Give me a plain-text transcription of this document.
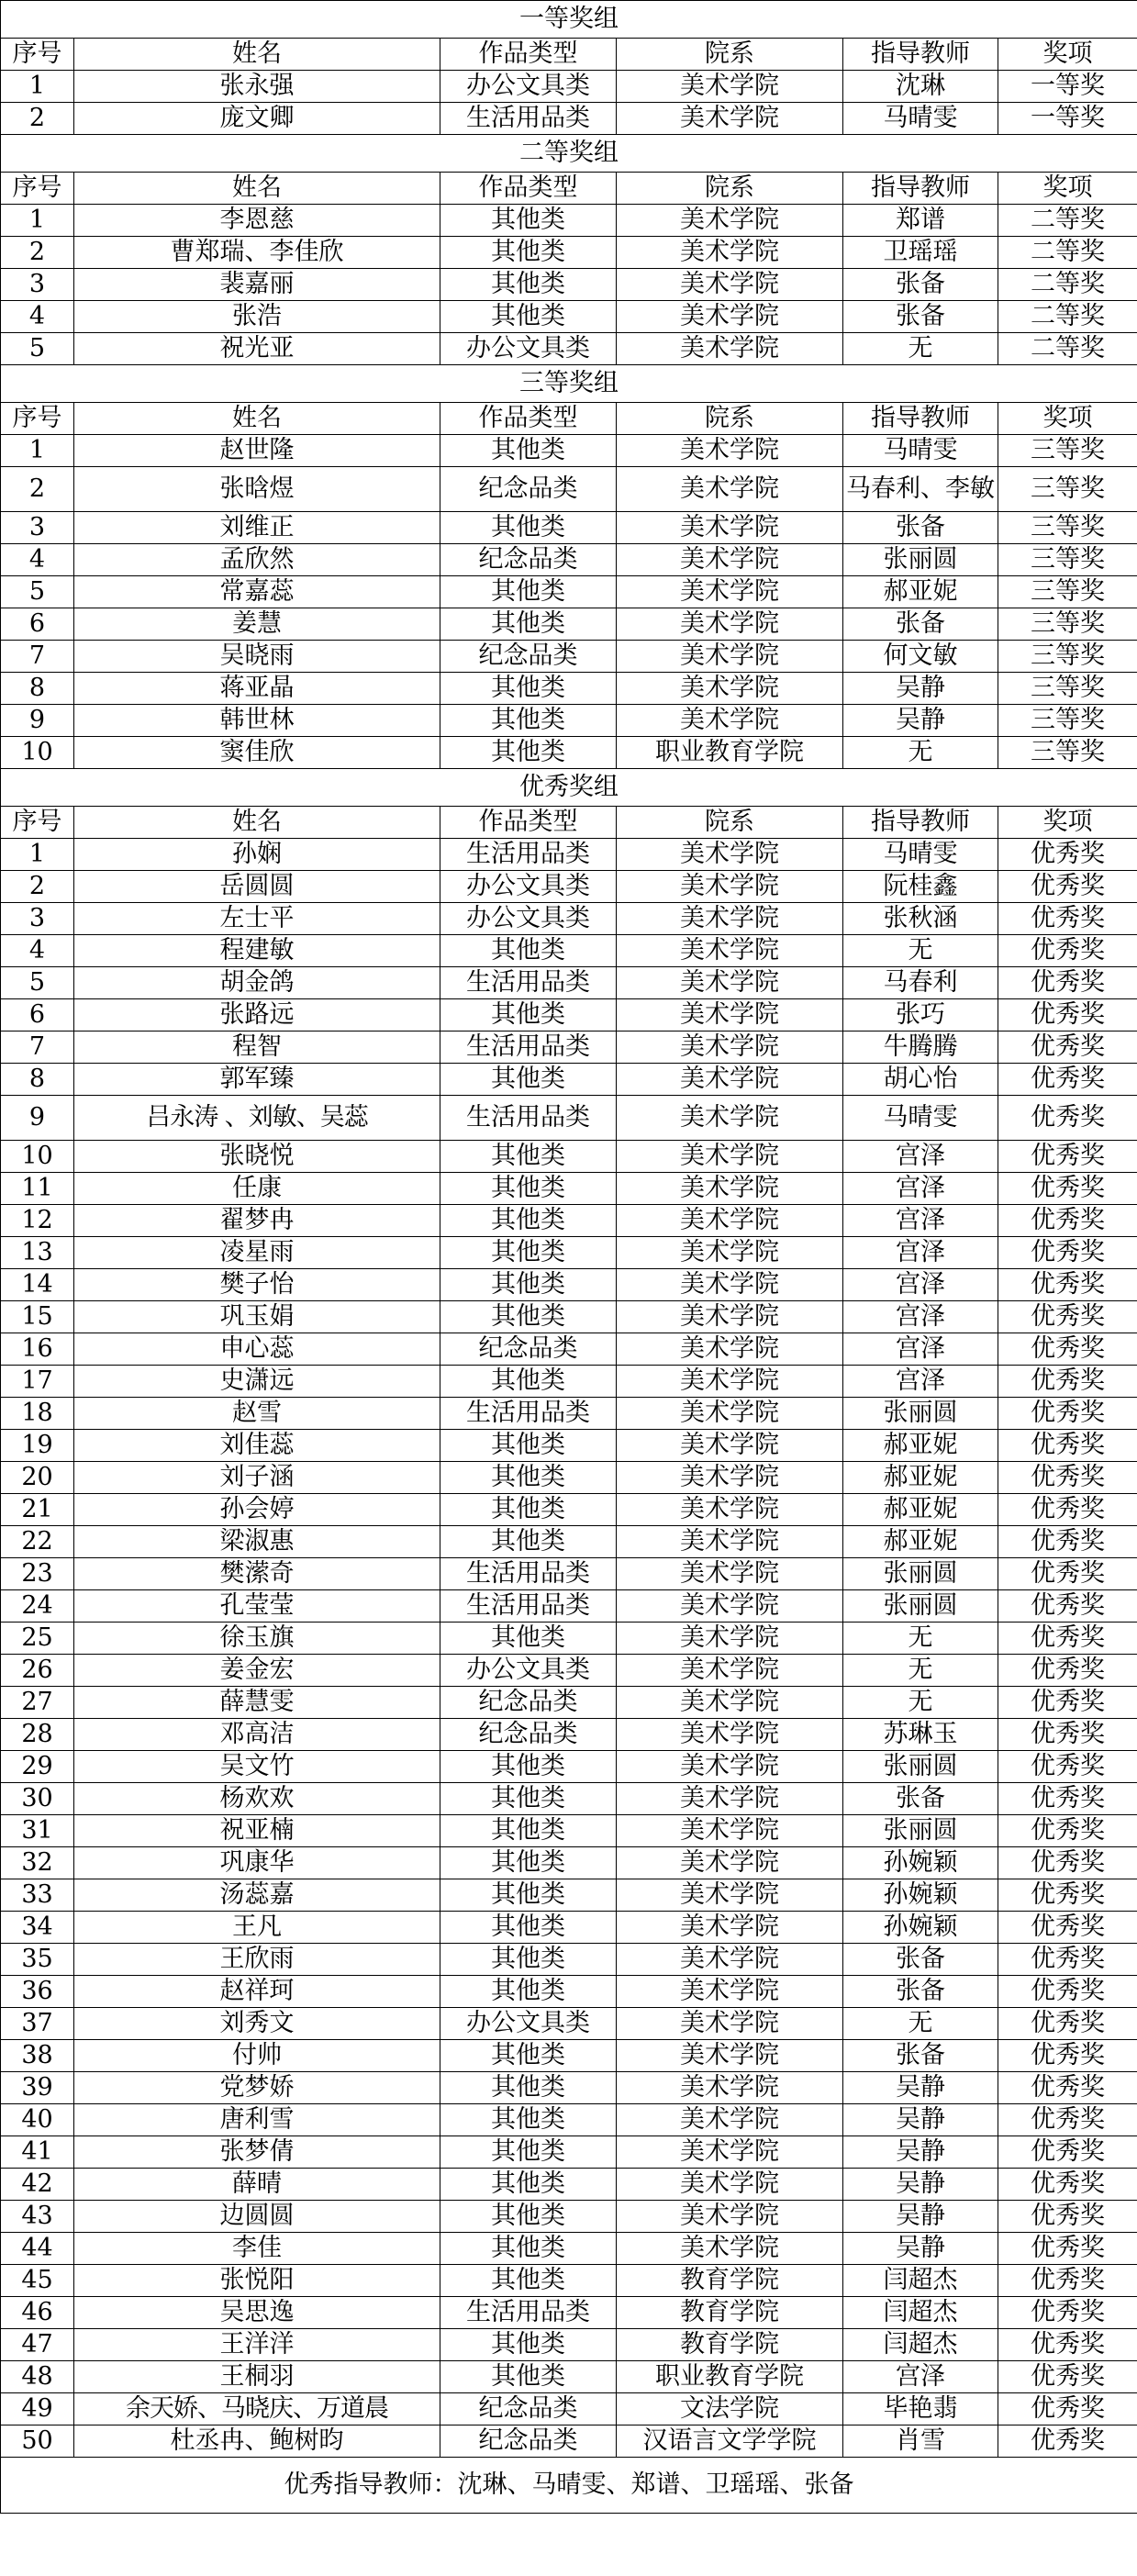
一等奖组					
序号	姓名	作品类型	院系	指导教师	奖项
1	张永强	办公文具类	美术学院	沈琳	一等奖
2	庞文卿	生活用品类	美术学院	马晴雯	一等奖
二等奖组					
序号	姓名	作品类型	院系	指导教师	奖项
1	李恩慈	其他类	美术学院	郑谱	二等奖
2	曹郑瑞、李佳欣	其他类	美术学院	卫瑶瑶	二等奖
3	裴嘉丽	其他类	美术学院	张备	二等奖
4	张浩	其他类	美术学院	张备	二等奖
5	祝光亚	办公文具类	美术学院	无	二等奖
三等奖组					
序号	姓名	作品类型	院系	指导教师	奖项
1	赵世隆	其他类	美术学院	马晴雯	三等奖
2	张晗煜	纪念品类	美术学院	马春利、李敏	三等奖
3	刘维正	其他类	美术学院	张备	三等奖
4	孟欣然	纪念品类	美术学院	张丽圆	三等奖
5	常嘉蕊	其他类	美术学院	郝亚妮	三等奖
6	姜慧	其他类	美术学院	张备	三等奖
7	吴晓雨	纪念品类	美术学院	何文敏	三等奖
8	蒋亚晶	其他类	美术学院	吴静	三等奖
9	韩世林	其他类	美术学院	吴静	三等奖
10	窦佳欣	其他类	职业教育学院	无	三等奖
优秀奖组					
序号	姓名	作品类型	院系	指导教师	奖项
1	孙娴	生活用品类	美术学院	马晴雯	优秀奖
2	岳圆圆	办公文具类	美术学院	阮桂鑫	优秀奖
3	左士平	办公文具类	美术学院	张秋涵	优秀奖
4	程建敏	其他类	美术学院	无	优秀奖
5	胡金鸽	生活用品类	美术学院	马春利	优秀奖
6	张路远	其他类	美术学院	张巧	优秀奖
7	程智	生活用品类	美术学院	牛腾腾	优秀奖
8	郭军臻	其他类	美术学院	胡心怡	优秀奖
9	吕永涛 、刘敏、吴蕊	生活用品类	美术学院	马晴雯	优秀奖
10	张晓悦	其他类	美术学院	宫泽	优秀奖
11	任康	其他类	美术学院	宫泽	优秀奖
12	翟梦冉	其他类	美术学院	宫泽	优秀奖
13	凌星雨	其他类	美术学院	宫泽	优秀奖
14	樊子怡	其他类	美术学院	宫泽	优秀奖
15	巩玉娟	其他类	美术学院	宫泽	优秀奖
16	申心蕊	纪念品类	美术学院	宫泽	优秀奖
17	史潇远	其他类	美术学院	宫泽	优秀奖
18	赵雪	生活用品类	美术学院	张丽圆	优秀奖
19	刘佳蕊	其他类	美术学院	郝亚妮	优秀奖
20	刘子涵	其他类	美术学院	郝亚妮	优秀奖
21	孙会婷	其他类	美术学院	郝亚妮	优秀奖
22	梁淑惠	其他类	美术学院	郝亚妮	优秀奖
23	樊潆奇	生活用品类	美术学院	张丽圆	优秀奖
24	孔莹莹	生活用品类	美术学院	张丽圆	优秀奖
25	徐玉旗	其他类	美术学院	无	优秀奖
26	姜金宏	办公文具类	美术学院	无	优秀奖
27	薛慧雯	纪念品类	美术学院	无	优秀奖
28	邓高洁	纪念品类	美术学院	苏琳玉	优秀奖
29	吴文竹	其他类	美术学院	张丽圆	优秀奖
30	杨欢欢	其他类	美术学院	张备	优秀奖
31	祝亚楠	其他类	美术学院	张丽圆	优秀奖
32	巩康华	其他类	美术学院	孙婉颖	优秀奖
33	汤蕊嘉	其他类	美术学院	孙婉颖	优秀奖
34	王凡	其他类	美术学院	孙婉颖	优秀奖
35	王欣雨	其他类	美术学院	张备	优秀奖
36	赵祥珂	其他类	美术学院	张备	优秀奖
37	刘秀文	办公文具类	美术学院	无	优秀奖
38	付帅	其他类	美术学院	张备	优秀奖
39	党梦娇	其他类	美术学院	吴静	优秀奖
40	唐利雪	其他类	美术学院	吴静	优秀奖
41	张梦倩	其他类	美术学院	吴静	优秀奖
42	薛晴	其他类	美术学院	吴静	优秀奖
43	边圆圆	其他类	美术学院	吴静	优秀奖
44	李佳	其他类	美术学院	吴静	优秀奖
45	张悦阳	其他类	教育学院	闫超杰	优秀奖
46	吴思逸	生活用品类	教育学院	闫超杰	优秀奖
47	王洋洋	其他类	教育学院	闫超杰	优秀奖
48	王桐羽	其他类	职业教育学院	宫泽	优秀奖
49	余天娇、马晓庆、万道晨	纪念品类	文法学院	毕艳翡	优秀奖
50	杜丞冉、鲍树昀	纪念品类	汉语言文学学院	肖雪	优秀奖
优秀指导教师：沈琳、马晴雯、郑谱、卫瑶瑶、张备					
